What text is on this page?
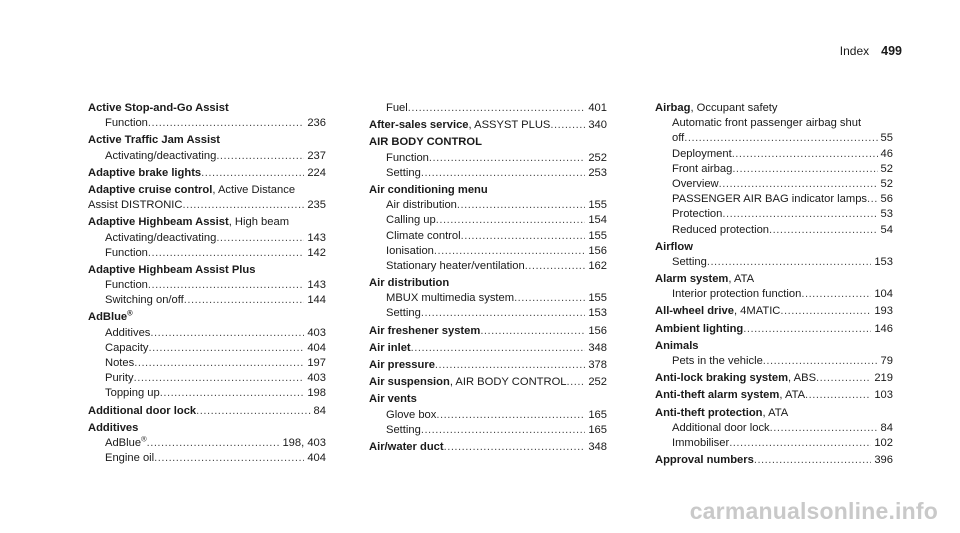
Index 499
Active Stop-and-Go Assist
Function .....	236
Active Traffic Jam Assist
Activating/deactivating .....	237
Adaptive brake lights .....	224
Adaptive cruise control, Active Distance
Assist DISTRONIC .....	235
Adaptive Highbeam Assist, High beam
Activating/deactivating .....	143
Function .....	142
Adaptive Highbeam Assist Plus
Function .....	143
Switching on/off .....	144
AdBlue®
Additives .....	403
Capacity .....	404
Notes .....	197
Purity .....	403
Topping up .....	198
Additional door lock .....	84
Additives
AdBlue® .....	198, 403
Engine oil .....	404
Fuel .....	401
After-sales service, ASSYST PLUS .....	340
AIR BODY CONTROL
Function .....	252
Setting .....	253
Air conditioning menu
Air distribution .....	155
Calling up .....	154
Climate control .....	155
Ionisation .....	156
Stationary heater/ventilation .....	162
Air distribution
MBUX multimedia system .....	155
Setting .....	153
Air freshener system .....	156
Air inlet .....	348
Air pressure .....	378
Air suspension, AIR BODY CONTROL ..... 252
Air vents
Glove box .....	165
Setting .....	165
Air/water duct .....	348
Airbag, Occupant safety
Automatic front passenger airbag shut
off .....	55
Deployment .....	46
Front airbag .....	52
Overview .....	52
PASSENGER AIR BAG indicator lamps ..... 56
Protection .....	53
Reduced protection .....	54
Airflow
Setting .....	153
Alarm system, ATA
Interior protection function .....	104
All-wheel drive, 4MATIC .....	193
Ambient lighting .....	146
Animals
Pets in the vehicle .....	79
Anti-lock braking system, ABS .....	219
Anti-theft alarm system, ATA .....	103
Anti-theft protection, ATA
Additional door lock .....	84
Immobiliser .....	102
Approval numbers .....	396
carmanualsonline.info
